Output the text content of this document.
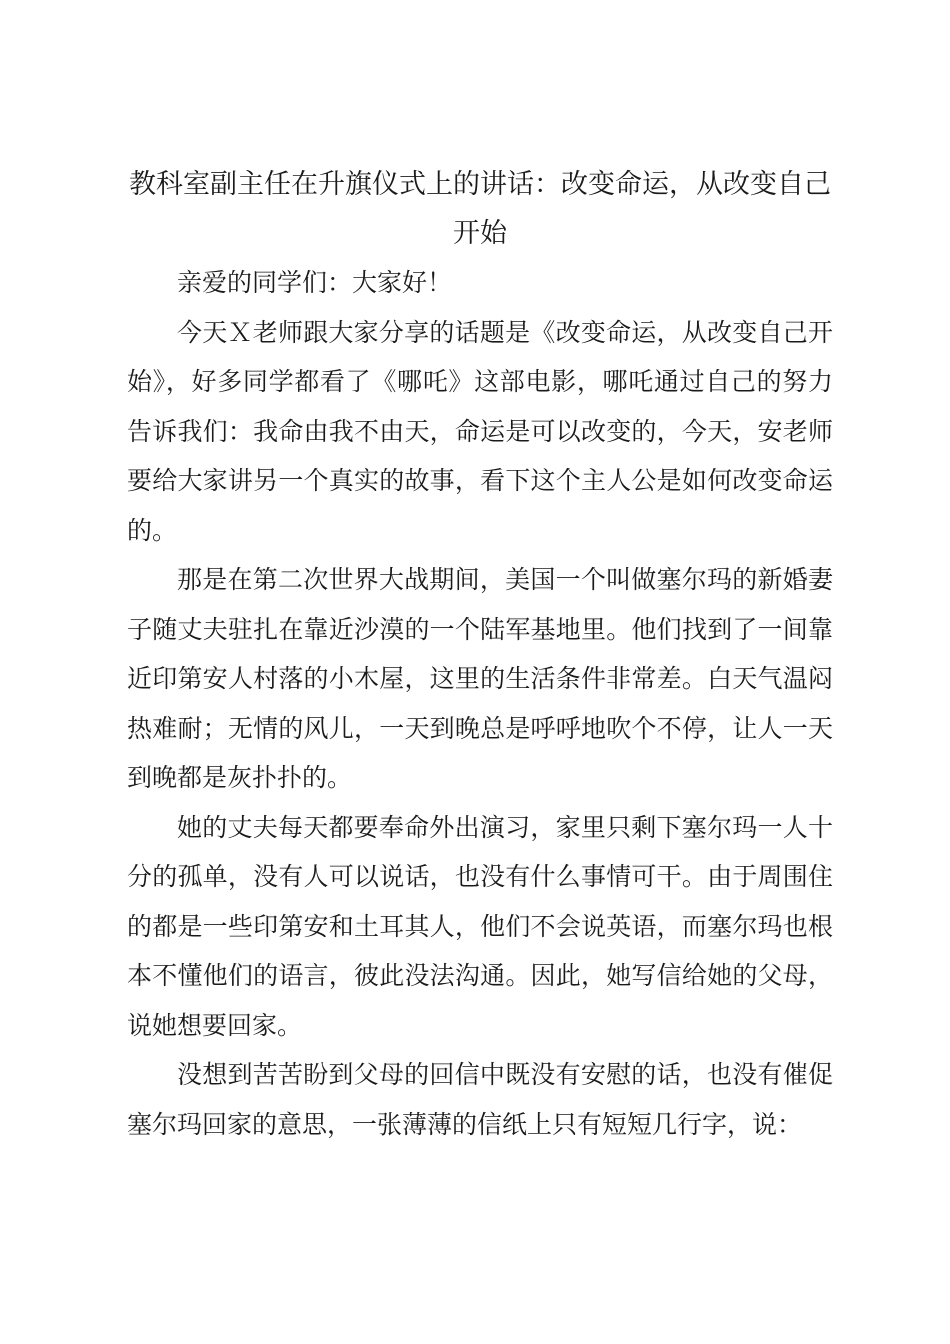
教科室副主任在升旗仪式上的讲话：改变命运，从改变自己开始

亲爱的同学们：大家好！

今天Ｘ老师跟大家分享的话题是《改变命运，从改变自己开始》，好多同学都看了《哪吒》这部电影，哪吒通过自己的努力告诉我们：我命由我不由天，命运是可以改变的，今天，安老师要给大家讲另一个真实的故事，看下这个主人公是如何改变命运的。

那是在第二次世界大战期间，美国一个叫做塞尔玛的新婚妻子随丈夫驻扎在靠近沙漠的一个陆军基地里。他们找到了一间靠近印第安人村落的小木屋，这里的生活条件非常差。白天气温闷热难耐；无情的风儿，一天到晚总是呼呼地吹个不停，让人一天到晚都是灰扑扑的。

她的丈夫每天都要奉命外出演习，家里只剩下塞尔玛一人十分的孤单，没有人可以说话，也没有什么事情可干。由于周围住的都是一些印第安和土耳其人，他们不会说英语，而塞尔玛也根本不懂他们的语言，彼此没法沟通。因此，她写信给她的父母，说她想要回家。

没想到苦苦盼到父母的回信中既没有安慰的话，也没有催促塞尔玛回家的意思，一张薄薄的信纸上只有短短几行字，说：
